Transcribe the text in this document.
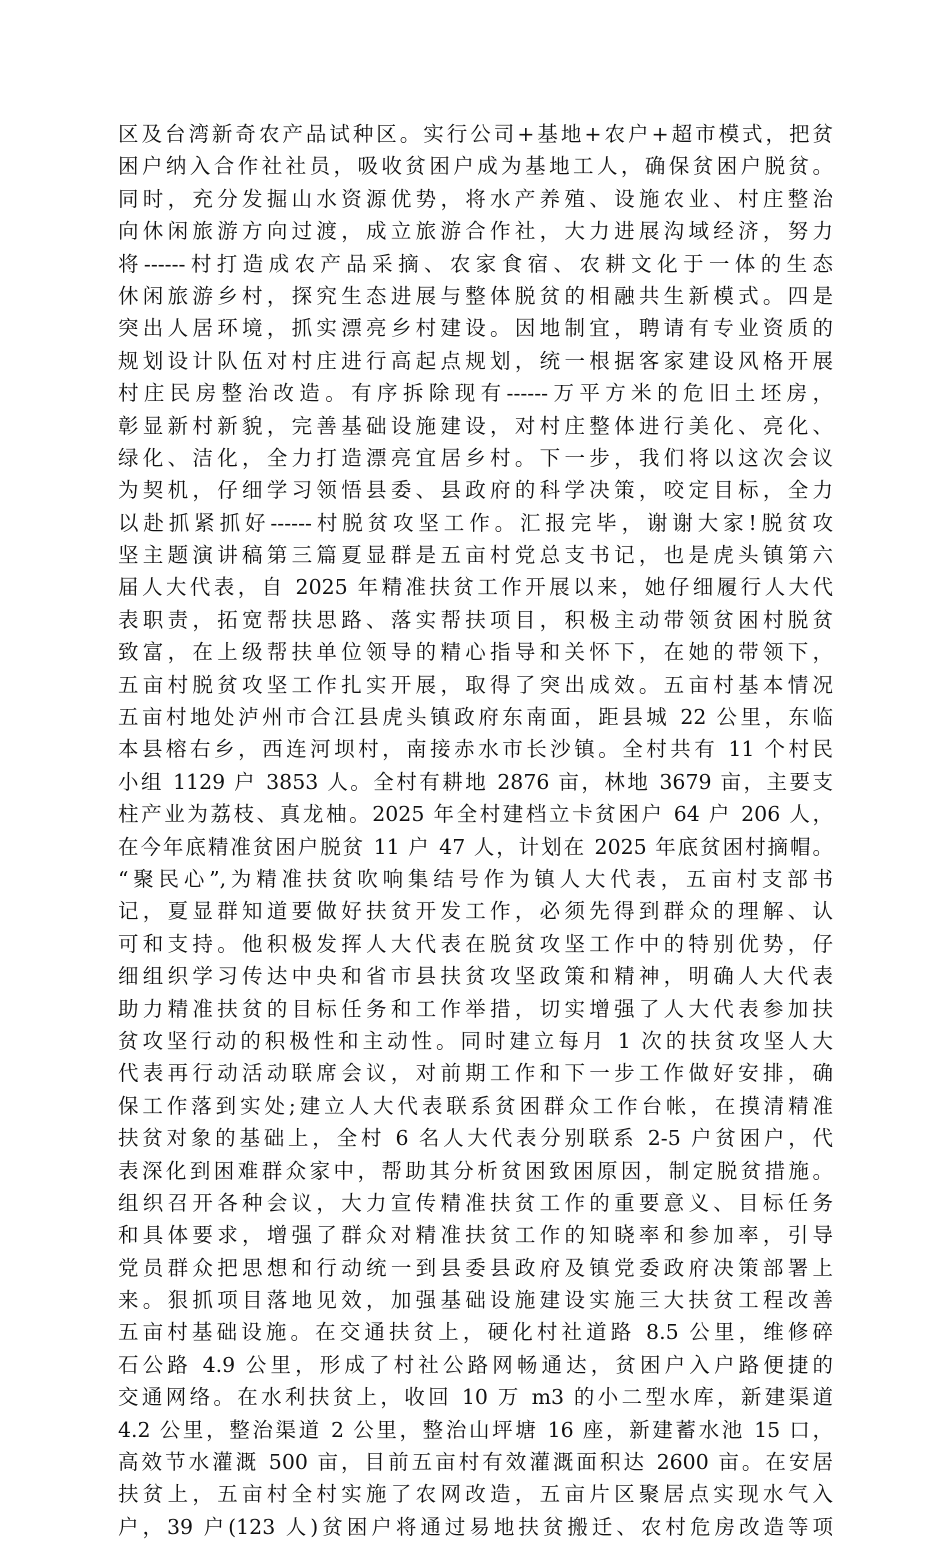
区及台湾新奇农产品试种区。实行公司+基地+农户+超市模式，把贫
困户纳入合作社社员，吸收贫困户成为基地工人，确保贫困户脱贫。
同时，充分发掘山水资源优势，将水产养殖、设施农业、村庄整治
向休闲旅游方向过渡，成立旅游合作社，大力进展沟域经济，努力
将------村打造成农产品采摘、农家食宿、农耕文化于一体的生态
休闲旅游乡村，探究生态进展与整体脱贫的相融共生新模式。四是
突出人居环境，抓实漂亮乡村建设。因地制宜，聘请有专业资质的
规划设计队伍对村庄进行高起点规划，统一根据客家建设风格开展
村庄民房整治改造。有序拆除现有------万平方米的危旧土坯房，
彰显新村新貌，完善基础设施建设，对村庄整体进行美化、亮化、
绿化、洁化，全力打造漂亮宜居乡村。下一步，我们将以这次会议
为契机，仔细学习领悟县委、县政府的科学决策，咬定目标，全力
以赴抓紧抓好------村脱贫攻坚工作。汇报完毕，谢谢大家!脱贫攻
坚主题演讲稿第三篇夏显群是五亩村党总支书记，也是虎头镇第六
届人大代表，自 2025 年精准扶贫工作开展以来，她仔细履行人大代
表职责，拓宽帮扶思路、落实帮扶项目，积极主动带领贫困村脱贫
致富，在上级帮扶单位领导的精心指导和关怀下，在她的带领下，
五亩村脱贫攻坚工作扎实开展，取得了突出成效。五亩村基本情况
五亩村地处泸州市合江县虎头镇政府东南面，距县城 22 公里，东临
本县榕右乡，西连河坝村，南接赤水市长沙镇。全村共有 11 个村民
小组 1129 户 3853 人。全村有耕地 2876 亩，林地 3679 亩，主要支
柱产业为荔枝、真龙柚。2025 年全村建档立卡贫困户 64 户 206 人，
在今年底精准贫困户脱贫 11 户 47 人，计划在 2025 年底贫困村摘帽。
“聚民心”,为精准扶贫吹响集结号作为镇人大代表，五亩村支部书
记，夏显群知道要做好扶贫开发工作，必须先得到群众的理解、认
可和支持。他积极发挥人大代表在脱贫攻坚工作中的特别优势，仔
细组织学习传达中央和省市县扶贫攻坚政策和精神，明确人大代表
助力精准扶贫的目标任务和工作举措，切实增强了人大代表参加扶
贫攻坚行动的积极性和主动性。同时建立每月 1 次的扶贫攻坚人大
代表再行动活动联席会议，对前期工作和下一步工作做好安排，确
保工作落到实处;建立人大代表联系贫困群众工作台帐，在摸清精准
扶贫对象的基础上，全村 6 名人大代表分别联系 2-5 户贫困户，代
表深化到困难群众家中，帮助其分析贫困致困原因，制定脱贫措施。
组织召开各种会议，大力宣传精准扶贫工作的重要意义、目标任务
和具体要求，增强了群众对精准扶贫工作的知晓率和参加率，引导
党员群众把思想和行动统一到县委县政府及镇党委政府决策部署上
来。狠抓项目落地见效，加强基础设施建设实施三大扶贫工程改善
五亩村基础设施。在交通扶贫上，硬化村社道路 8.5 公里，维修碎
石公路 4.9 公里，形成了村社公路网畅通达，贫困户入户路便捷的
交通网络。在水利扶贫上，收回 10 万 m3 的小二型水库，新建渠道
4.2 公里，整治渠道 2 公里，整治山坪塘 16 座，新建蓄水池 15 口，
高效节水灌溉 500 亩，目前五亩村有效灌溉面积达 2600 亩。在安居
扶贫上，五亩村全村实施了农网改造，五亩片区聚居点实现水气入
户，39 户(123 人)贫困户将通过易地扶贫搬迁、农村危房改造等项
